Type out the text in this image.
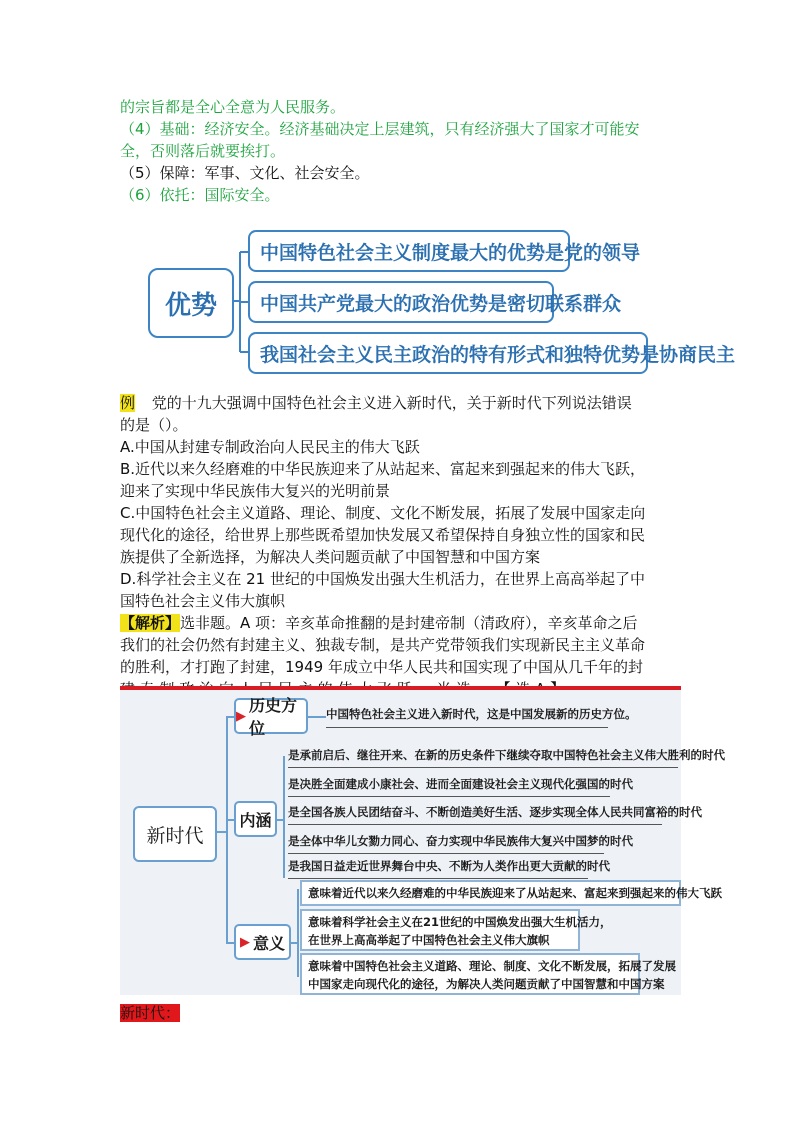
的宗旨都是全心全意为人民服务。
（4）基础：经济安全。经济基础决定上层建筑，只有经济强大了国家才可能安
全，否则落后就要挨打。
（5）保障：军事、文化、社会安全。
（6）依托：国际安全。
优势
中国特色社会主义制度最大的优势是党的领导
中国共产党最大的政治优势是密切联系群众
我国社会主义民主政治的特有形式和独特优势是协商民主
例 党的十九大强调中国特色社会主义进入新时代，关于新时代下列说法错误
的是（）。
A.中国从封建专制政治向人民民主的伟大飞跃
B.近代以来久经磨难的中华民族迎来了从站起来、富起来到强起来的伟大飞跃，
迎来了实现中华民族伟大复兴的光明前景
C.中国特色社会主义道路、理论、制度、文化不断发展，拓展了发展中国家走向
现代化的途径，给世界上那些既希望加快发展又希望保持自身独立性的国家和民
族提供了全新选择，为解决人类问题贡献了中国智慧和中国方案
D.科学社会主义在 21 世纪的中国焕发出强大生机活力，在世界上高高举起了中
国特色社会主义伟大旗帜
【解析】选非题。A 项：辛亥革命推翻的是封建帝制（清政府），辛亥革命之后
我们的社会仍然有封建主义、独裁专制，是共产党带领我们实现新民主主义革命
的胜利，才打跑了封建，1949 年成立中华人民共和国实现了中国从几千年的封
新时代
▶
历史方位
内涵
▶ 意义
中国特色社会主义进入新时代，这是中国发展新的历史方位。
是承前启后、继往开来、在新的历史条件下继续夺取中国特色社会主义伟大胜利的时代
是决胜全面建成小康社会、进而全面建设社会主义现代化强国的时代
是全国各族人民团结奋斗、不断创造美好生活、逐步实现全体人民共同富裕的时代
是全体中华儿女勠力同心、奋力实现中华民族伟大复兴中国梦的时代
是我国日益走近世界舞台中央、不断为人类作出更大贡献的时代
意味着近代以来久经磨难的中华民族迎来了从站起来、富起来到强起来的伟大飞跃
意味着科学社会主义在21世纪的中国焕发出强大生机活力，
在世界上高高举起了中国特色社会主义伟大旗帜
意味着中国特色社会主义道路、理论、制度、文化不断发展，拓展了发展
中国家走向现代化的途径，为解决人类问题贡献了中国智慧和中国方案
新时代：
